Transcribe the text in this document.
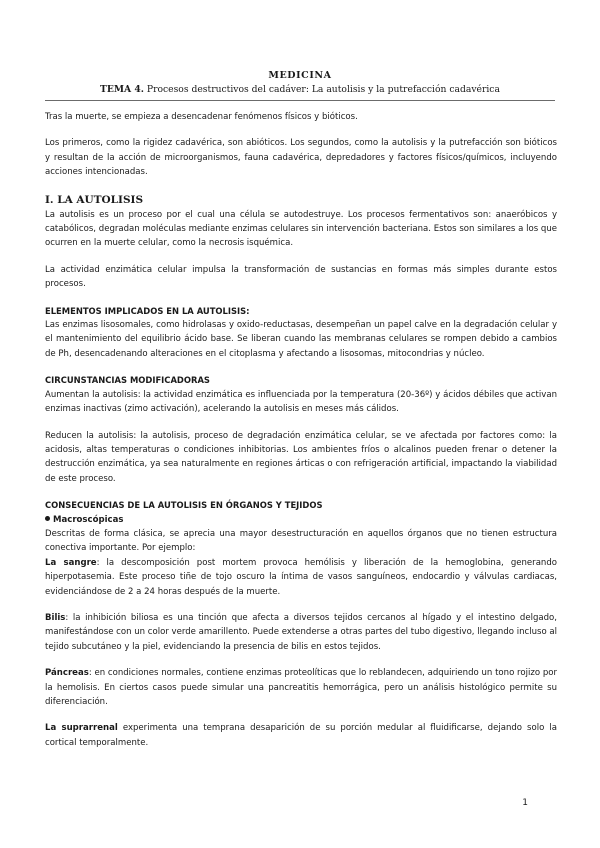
MEDICINA
TEMA 4. Procesos destructivos del cadáver: La autolisis y la putrefacción cadavérica

Tras la muerte, se empieza a desencadenar fenómenos físicos y bióticos.

Los primeros, como la rigidez cadavérica, son abióticos. Los segundos, como la autolisis y la putrefacción son bióticos y resultan de la acción de microorganismos, fauna cadavérica, depredadores y factores físicos/químicos, incluyendo acciones intencionadas.

I. LA AUTOLISIS

La autolisis es un proceso por el cual una célula se autodestruye. Los procesos fermentativos son: anaeróbicos y catabólicos, degradan moléculas mediante enzimas celulares sin intervención bacteriana. Estos son similares a los que ocurren en la muerte celular, como la necrosis isquémica.

La actividad enzimática celular impulsa la transformación de sustancias en formas más simples durante estos procesos.

ELEMENTOS IMPLICADOS EN LA AUTOLISIS:

Las enzimas lisosomales, como hidrolasas y oxido-reductasas, desempeñan un papel calve en la degradación celular y el mantenimiento del equilibrio ácido base. Se liberan cuando las membranas celulares se rompen debido a cambios de Ph, desencadenando alteraciones en el citoplasma y afectando a lisosomas, mitocondrias y núcleo.

CIRCUNSTANCIAS MODIFICADORAS

Aumentan la autolisis: la actividad enzimática es influenciada por la temperatura (20-36º) y ácidos débiles que activan enzimas inactivas (zimo activación), acelerando la autolisis en meses más cálidos.

Reducen la autolisis: la autolisis, proceso de degradación enzimática celular, se ve afectada por factores como: la acidosis, altas temperaturas o condiciones inhibitorias. Los ambientes fríos o alcalinos pueden frenar o detener la destrucción enzimática, ya sea naturalmente en regiones árticas o con refrigeración artificial, impactando la viabilidad de este proceso.

CONSECUENCIAS DE LA AUTOLISIS EN ÓRGANOS Y TEJIDOS

Macroscópicas

Descritas de forma clásica, se aprecia una mayor desestructuración en aquellos órganos que no tienen estructura conectiva importante. Por ejemplo:

La sangre: la descomposición post mortem provoca hemólisis y liberación de la hemoglobina, generando hiperpotasemia. Este proceso tiñe de tojo oscuro la íntima de vasos sanguíneos, endocardio y válvulas cardiacas, evidenciándose de 2 a 24 horas después de la muerte.

Bilis: la inhibición biliosa es una tinción que afecta a diversos tejidos cercanos al hígado y el intestino delgado, manifestándose con un color verde amarillento. Puede extenderse a otras partes del tubo digestivo, llegando incluso al tejido subcutáneo y la piel, evidenciando la presencia de bilis en estos tejidos.

Páncreas: en condiciones normales, contiene enzimas proteolíticas que lo reblandecen, adquiriendo un tono rojizo por la hemolisis. En ciertos casos puede simular una pancreatitis hemorrágica, pero un análisis histológico permite su diferenciación.

La suprarrenal experimenta una temprana desaparición de su porción medular al fluidificarse, dejando solo la cortical temporalmente.

1
